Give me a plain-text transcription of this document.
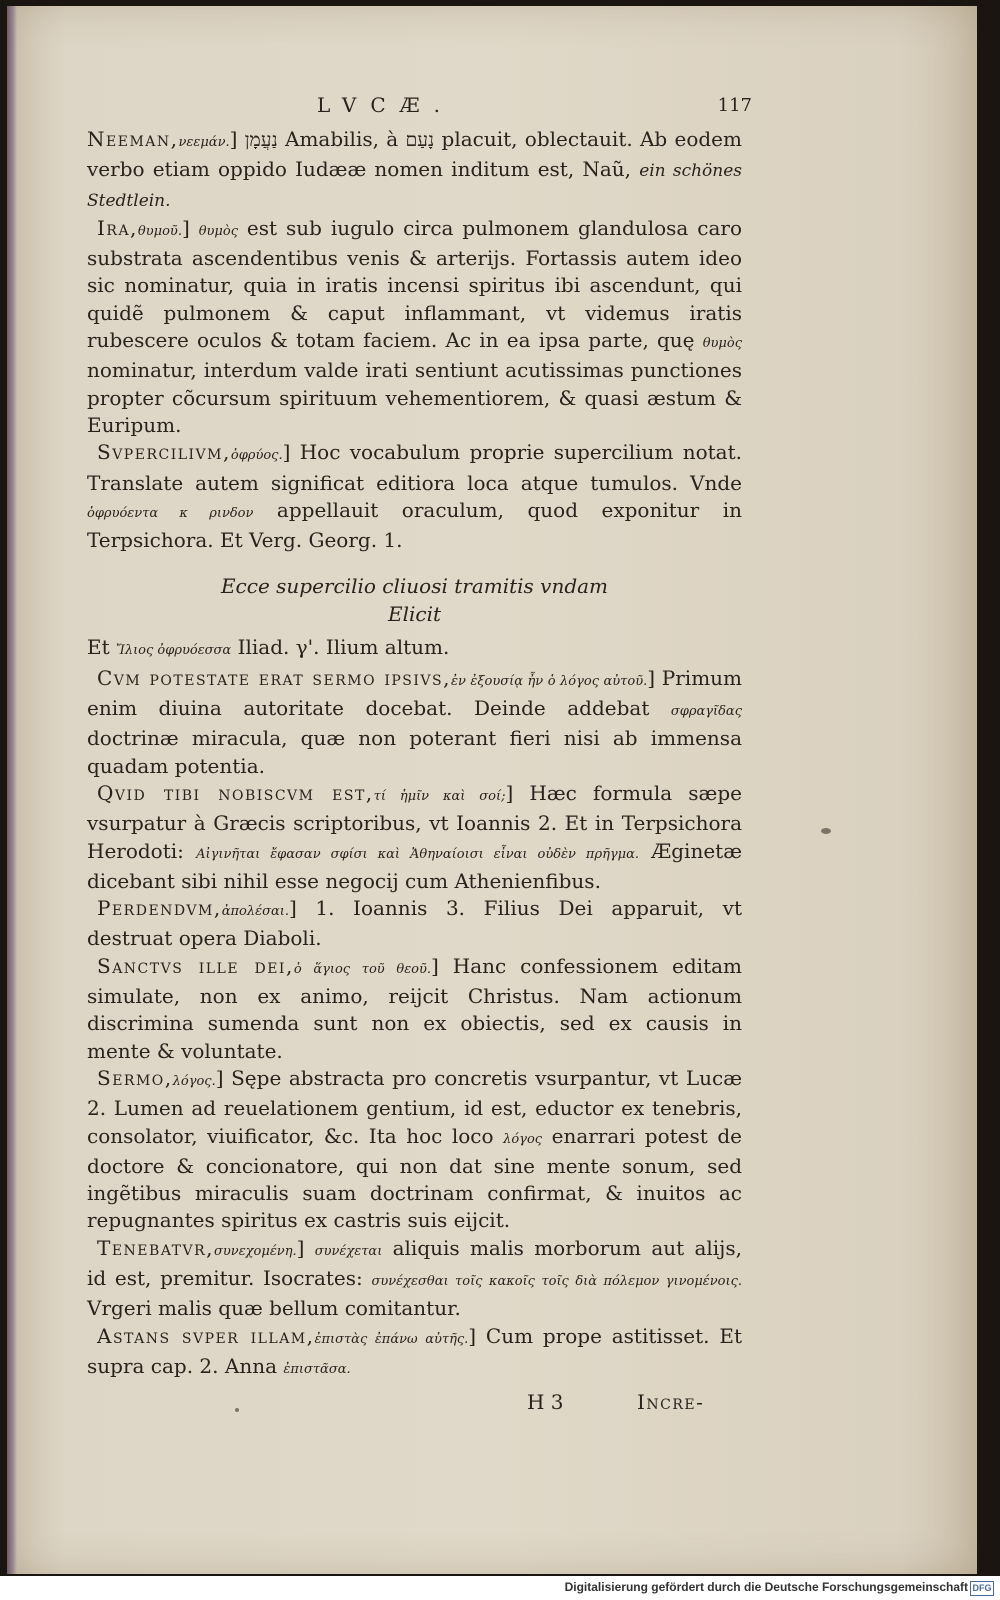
LVCÆ.	117

Neeman,νεεμάν.] נַעֲמָן Amabilis, à נָעַם placuit, oblectauit. Ab eodem verbo etiam oppido Iudææ nomen inditum est, Naũ, ein schönes Stedtlein.

Ira,θυμοῦ.] θυμὸς est sub iugulo circa pulmonem glandulosa caro substrata ascendentibus venis & arterijs. Fortassis autem ideo sic nominatur, quia in iratis incensi spiritus ibi ascendunt, qui quidẽ pulmonem & caput inflammant, vt videmus iratis rubescere oculos & totam faciem. Ac in ea ipsa parte, quę θυμὸς nominatur, interdum valde irati sentiunt acutissimas punctiones propter cõcursum spirituum vehementiorem, & quasi æstum & Euripum.

Svpercilivm,ὀφρύος.] Hoc vocabulum proprie supercilium notat. Translate autem significat editiora loca atque tumulos. Vnde ὀφρυόεντα κ ρινδον appellauit oraculum, quod exponitur in Terpsichora. Et Verg. Georg. 1.

Ecce supercilio cliuosi tramitis vndam
Elicit

Et Ἴλιος ὀφρυόεσσα Iliad. γ'. Ilium altum.

Cvm potestate erat sermo ipsivs,ἐν ἐξουσίᾳ ἦν ὁ λόγος αὐτοῦ.] Primum enim diuina autoritate docebat. Deinde addebat σφραγῖδας doctrinæ miracula, quæ non poterant fieri nisi ab immensa quadam potentia.

Qvid tibi nobiscvm est,τί ἡμῖν καὶ σοί;] Hæc formula sæpe vsurpatur à Græcis scriptoribus, vt Ioannis 2. Et in Terpsichora Herodoti: Αἰγινῆται ἔφασαν σφίσι καὶ Ἀθηναίοισι εἶναι οὐδὲν πρῆγμα. Æginetæ dicebant sibi nihil esse negocij cum Athenienfibus.

Perdendvm,ἀπολέσαι.] 1. Ioannis 3. Filius Dei apparuit, vt destruat opera Diaboli.

Sanctvs ille dei,ὁ ἅγιος τοῦ θεοῦ.] Hanc confessionem editam simulate, non ex animo, reijcit Christus. Nam actionum discrimina sumenda sunt non ex obiectis, sed ex causis in mente & voluntate.

Sermo,λόγος.] Sępe abstracta pro concretis vsurpantur, vt Lucæ 2. Lumen ad reuelationem gentium, id est, eductor ex tenebris, consolator, viuificator, &c. Ita hoc loco λόγος enarrari potest de doctore & concionatore, qui non dat sine mente sonum, sed ingẽtibus miraculis suam doctrinam confirmat, & inuitos ac repugnantes spiritus ex castris suis eijcit.

Tenebatvr,συνεχομένη.] συνέχεται aliquis malis morborum aut alijs, id est, premitur. Isocrates: συνέχεσθαι τοῖς κακοῖς τοῖς διὰ πόλεμον γινομένοις. Vrgeri malis quæ bellum comitantur.

Astans svper illam,ἐπιστὰς ἐπάνω αὐτῆς.] Cum prope astitisset. Et supra cap. 2. Anna ἐπιστᾶσα.

H 3	Incre-
Digitalisierung gefördert durch die Deutsche Forschungsgemeinschaft DFG
